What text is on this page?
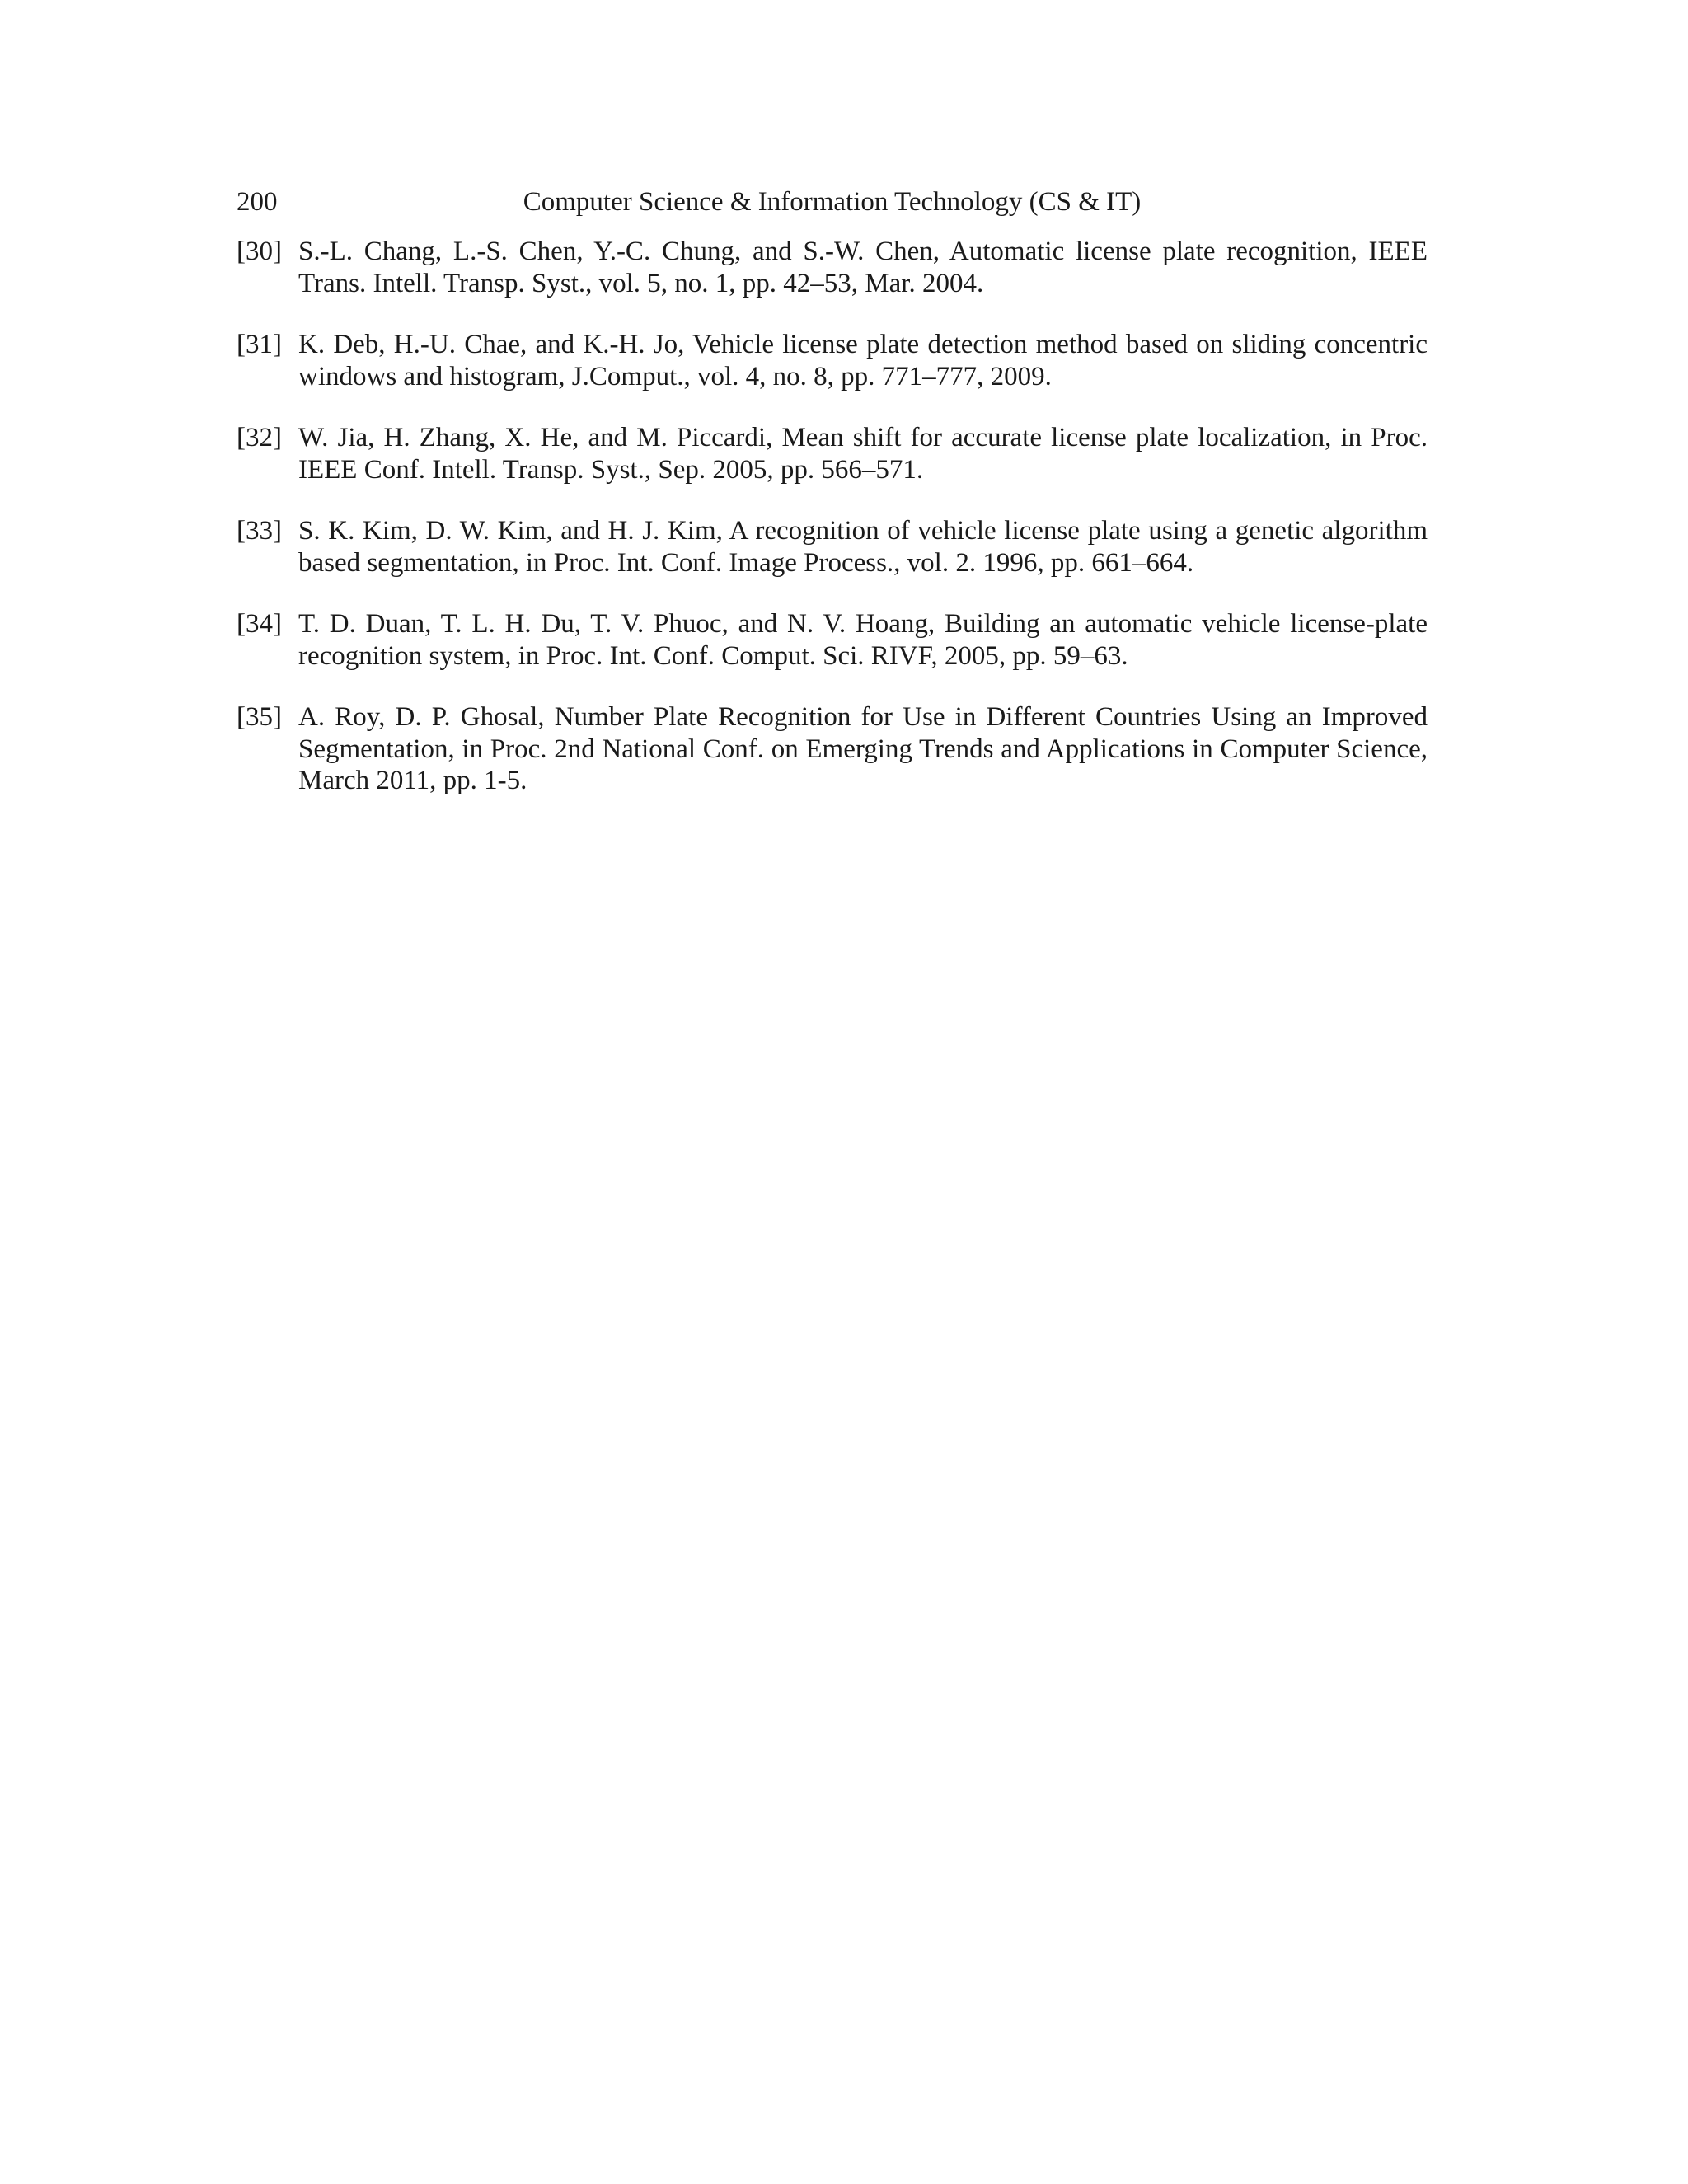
200	Computer Science & Information Technology (CS & IT)
[30] S.-L. Chang, L.-S. Chen, Y.-C. Chung, and S.-W. Chen, Automatic license plate recognition, IEEE Trans. Intell. Transp. Syst., vol. 5, no. 1, pp. 42–53, Mar. 2004.
[31] K. Deb, H.-U. Chae, and K.-H. Jo, Vehicle license plate detection method based on sliding concentric windows and histogram, J.Comput., vol. 4, no. 8, pp. 771–777, 2009.
[32] W. Jia, H. Zhang, X. He, and M. Piccardi, Mean shift for accurate license plate localization, in Proc. IEEE Conf. Intell. Transp. Syst., Sep. 2005, pp. 566–571.
[33] S. K. Kim, D. W. Kim, and H. J. Kim, A recognition of vehicle license plate using a genetic algorithm based segmentation, in Proc. Int. Conf. Image Process., vol. 2. 1996, pp. 661–664.
[34] T. D. Duan, T. L. H. Du, T. V. Phuoc, and N. V. Hoang, Building an automatic vehicle license-plate recognition system, in Proc. Int. Conf. Comput. Sci. RIVF, 2005, pp. 59–63.
[35] A. Roy, D. P. Ghosal, Number Plate Recognition for Use in Different Countries Using an Improved Segmentation, in Proc. 2nd National Conf. on Emerging Trends and Applications in Computer Science, March 2011, pp. 1-5.
